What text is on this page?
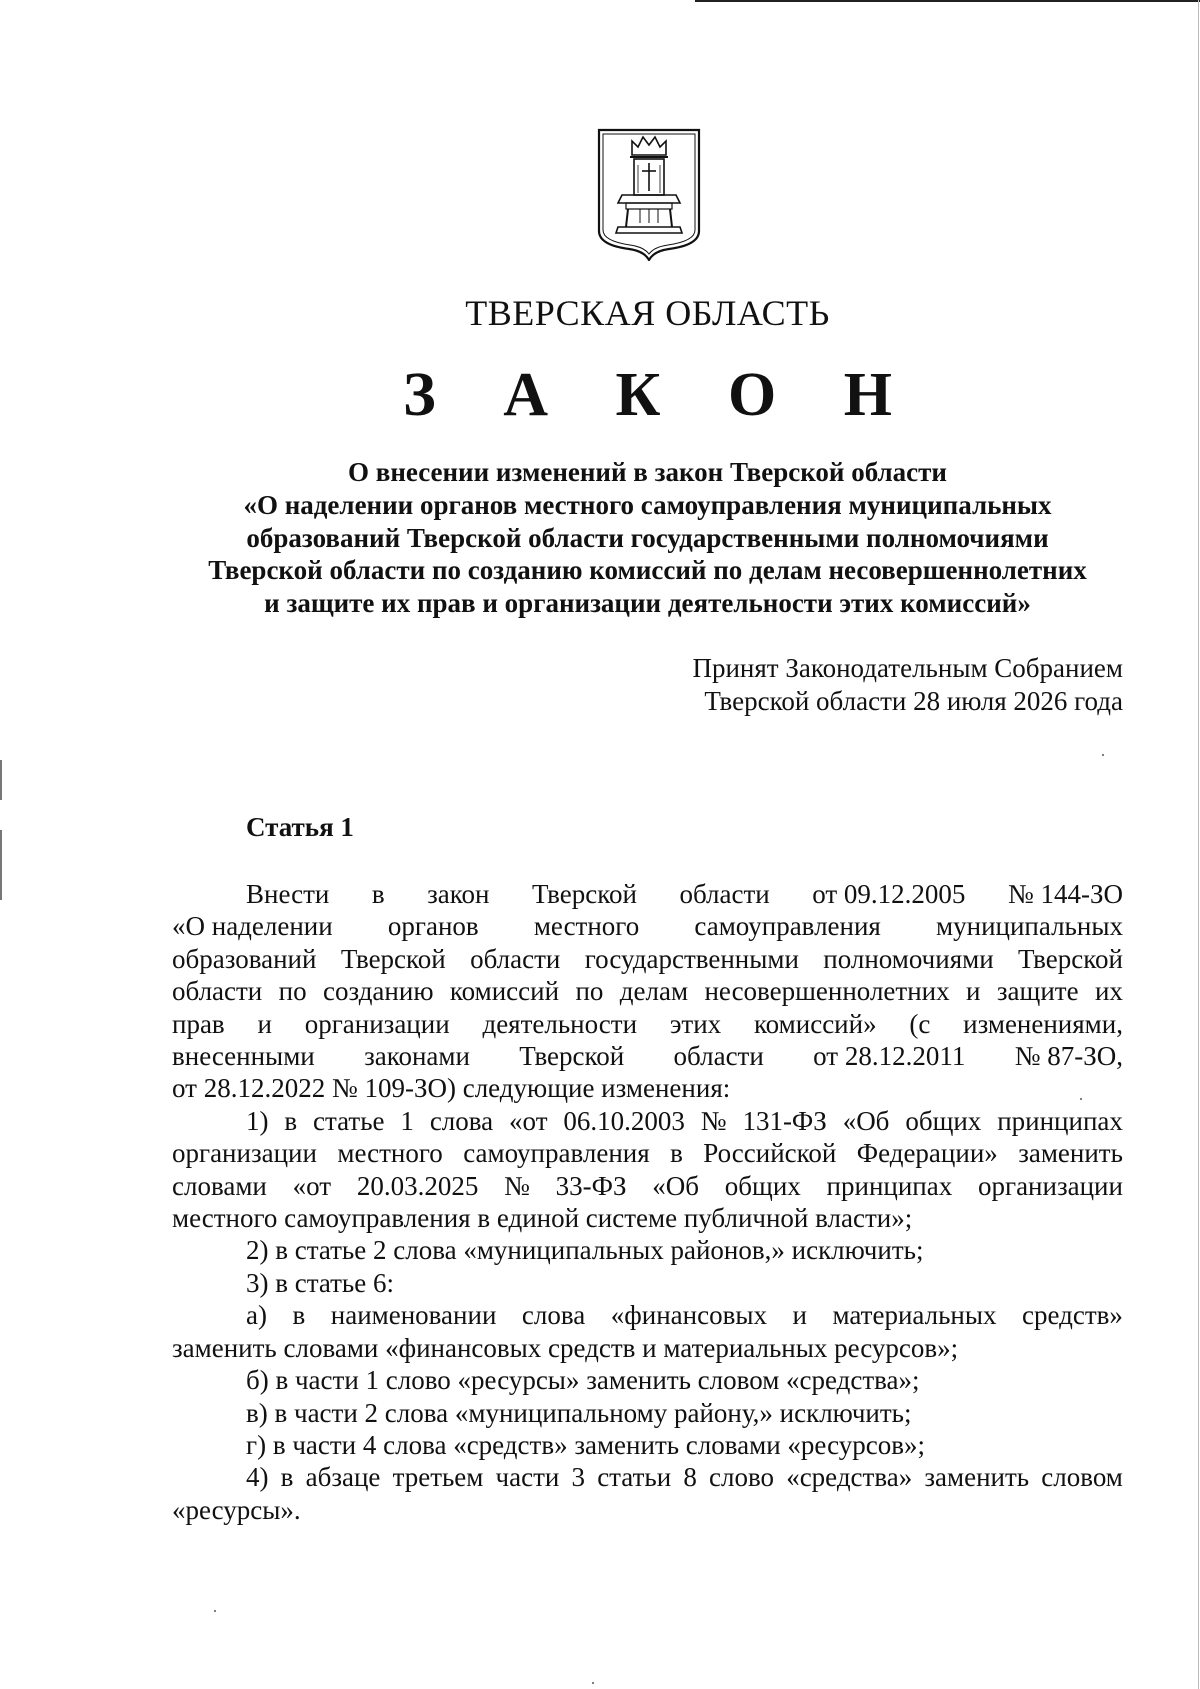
ТВЕРСКАЯ ОБЛАСТЬ
З А К О Н
О внесении изменений в закон Тверской области
«О наделении органов местного самоуправления муниципальных
образований Тверской области государственными полномочиями
Тверской области по созданию комиссий по делам несовершеннолетних
и защите их прав и организации деятельности этих комиссий»
Принят Законодательным Собранием
Тверской области 28 июля 2026 года
Статья 1
Внести в закон Тверской области от 09.12.2005 № 144-ЗО
«О наделении органов местного самоуправления муниципальных
образований Тверской области государственными полномочиями Тверской
области по созданию комиссий по делам несовершеннолетних и защите их
прав и организации деятельности этих комиссий» (с изменениями,
внесенными законами Тверской области от 28.12.2011 № 87-ЗО,
от 28.12.2022 № 109-ЗО) следующие изменения:
1) в статье 1 слова «от 06.10.2003 № 131-ФЗ «Об общих принципах
организации местного самоуправления в Российской Федерации» заменить
словами «от 20.03.2025 № 33-ФЗ «Об общих принципах организации
местного самоуправления в единой системе публичной власти»;
2) в статье 2 слова «муниципальных районов,» исключить;
3) в статье 6:
а) в наименовании слова «финансовых и материальных средств»
заменить словами «финансовых средств и материальных ресурсов»;
б) в части 1 слово «ресурсы» заменить словом «средства»;
в) в части 2 слова «муниципальному району,» исключить;
г) в части 4 слова «средств» заменить словами «ресурсов»;
4) в абзаце третьем части 3 статьи 8 слово «средства» заменить словом
«ресурсы».
